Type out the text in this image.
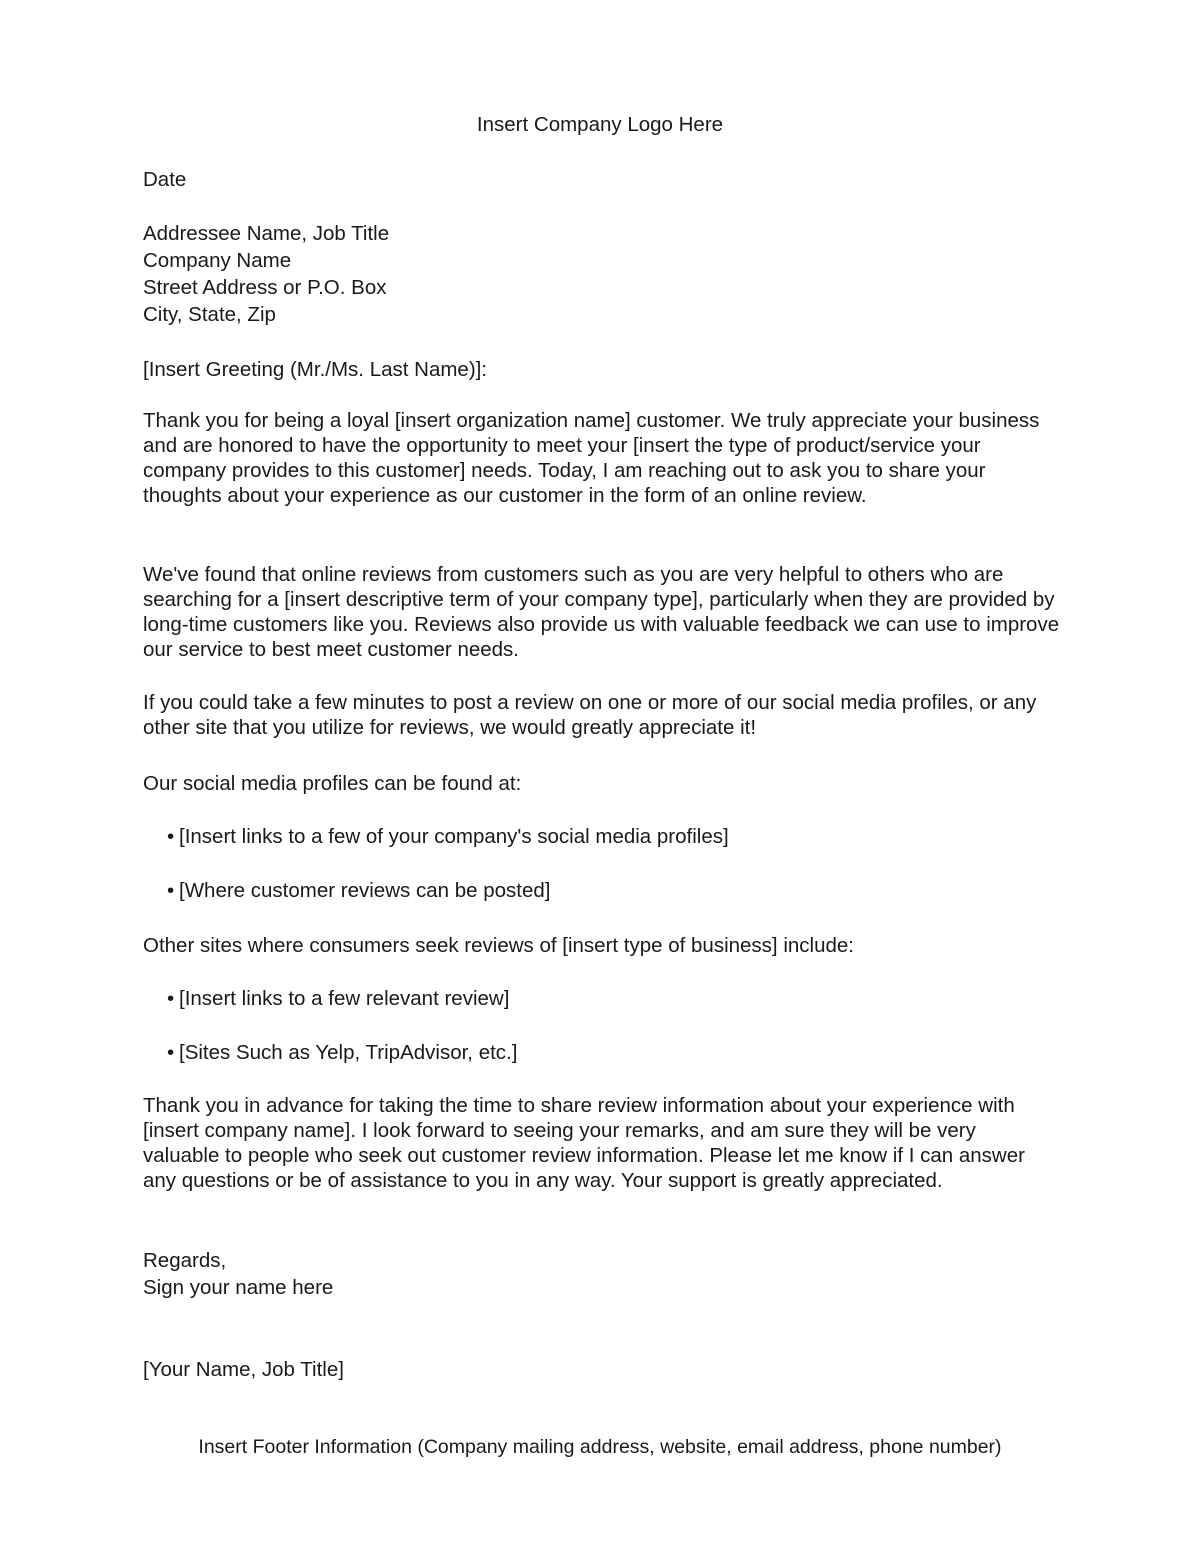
Insert Company Logo Here
Date
Addressee Name, Job Title
Company Name
Street Address or P.O. Box
City, State, Zip
[Insert Greeting (Mr./Ms. Last Name)]:
Thank you for being a loyal [insert organization name] customer. We truly appreciate your business and are honored to have the opportunity to meet your [insert the type of product/service your company provides to this customer] needs. Today, I am reaching out to ask you to share your thoughts about your experience as our customer in the form of an online review.
We've found that online reviews from customers such as you are very helpful to others who are searching for a [insert descriptive term of your company type], particularly when they are provided by long-time customers like you. Reviews also provide us with valuable feedback we can use to improve our service to best meet customer needs.
If you could take a few minutes to post a review on one or more of our social media profiles, or any other site that you utilize for reviews, we would greatly appreciate it!
Our social media profiles can be found at:
• [Insert links to a few of your company's social media profiles]
• [Where customer reviews can be posted]
Other sites where consumers seek reviews of [insert type of business] include:
• [Insert links to a few relevant review]
• [Sites Such as Yelp, TripAdvisor, etc.]
Thank you in advance for taking the time to share review information about your experience with [insert company name]. I look forward to seeing your remarks, and am sure they will be very valuable to people who seek out customer review information. Please let me know if I can answer any questions or be of assistance to you in any way. Your support is greatly appreciated.
Regards,
Sign your name here
[Your Name, Job Title]
Insert Footer Information (Company mailing address, website, email address, phone number)
